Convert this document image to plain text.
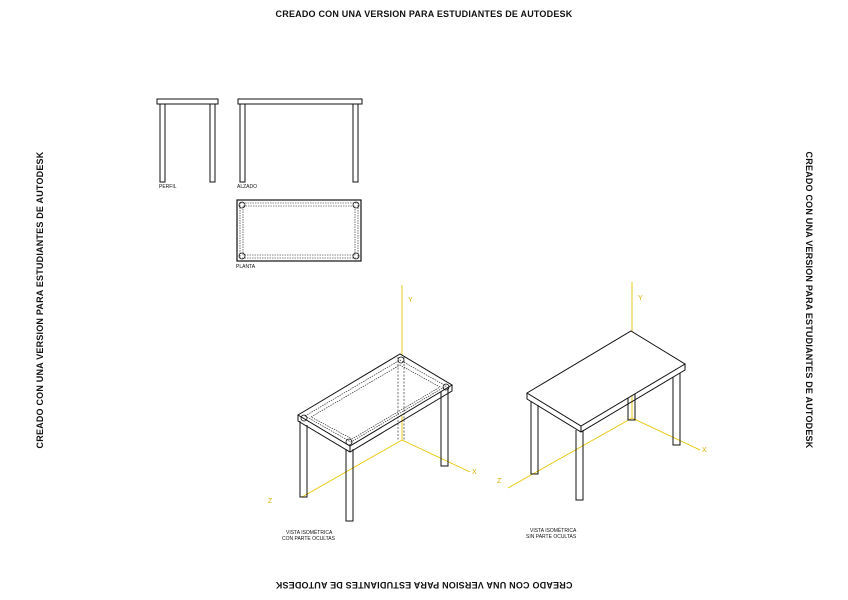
CREADO CON UNA VERSION PARA ESTUDIANTES DE AUTODESK
CREADO CON UNA VERSION PARA ESTUDIANTES DE AUTODESK
CREADO CON UNA VERSION PARA ESTUDIANTES DE AUTODESK	CREADO CON UNA VERSION PARA ESTUDIANTES DE AUTODESK
PERFIL	ALZADO
PLANTA
Y
X
Z
VISTA ISOMÉTRICA
CON PARTE OCULTAS
Y
X
Z
VISTA ISOMÉTRICA
SIN PARTE OCULTAS
